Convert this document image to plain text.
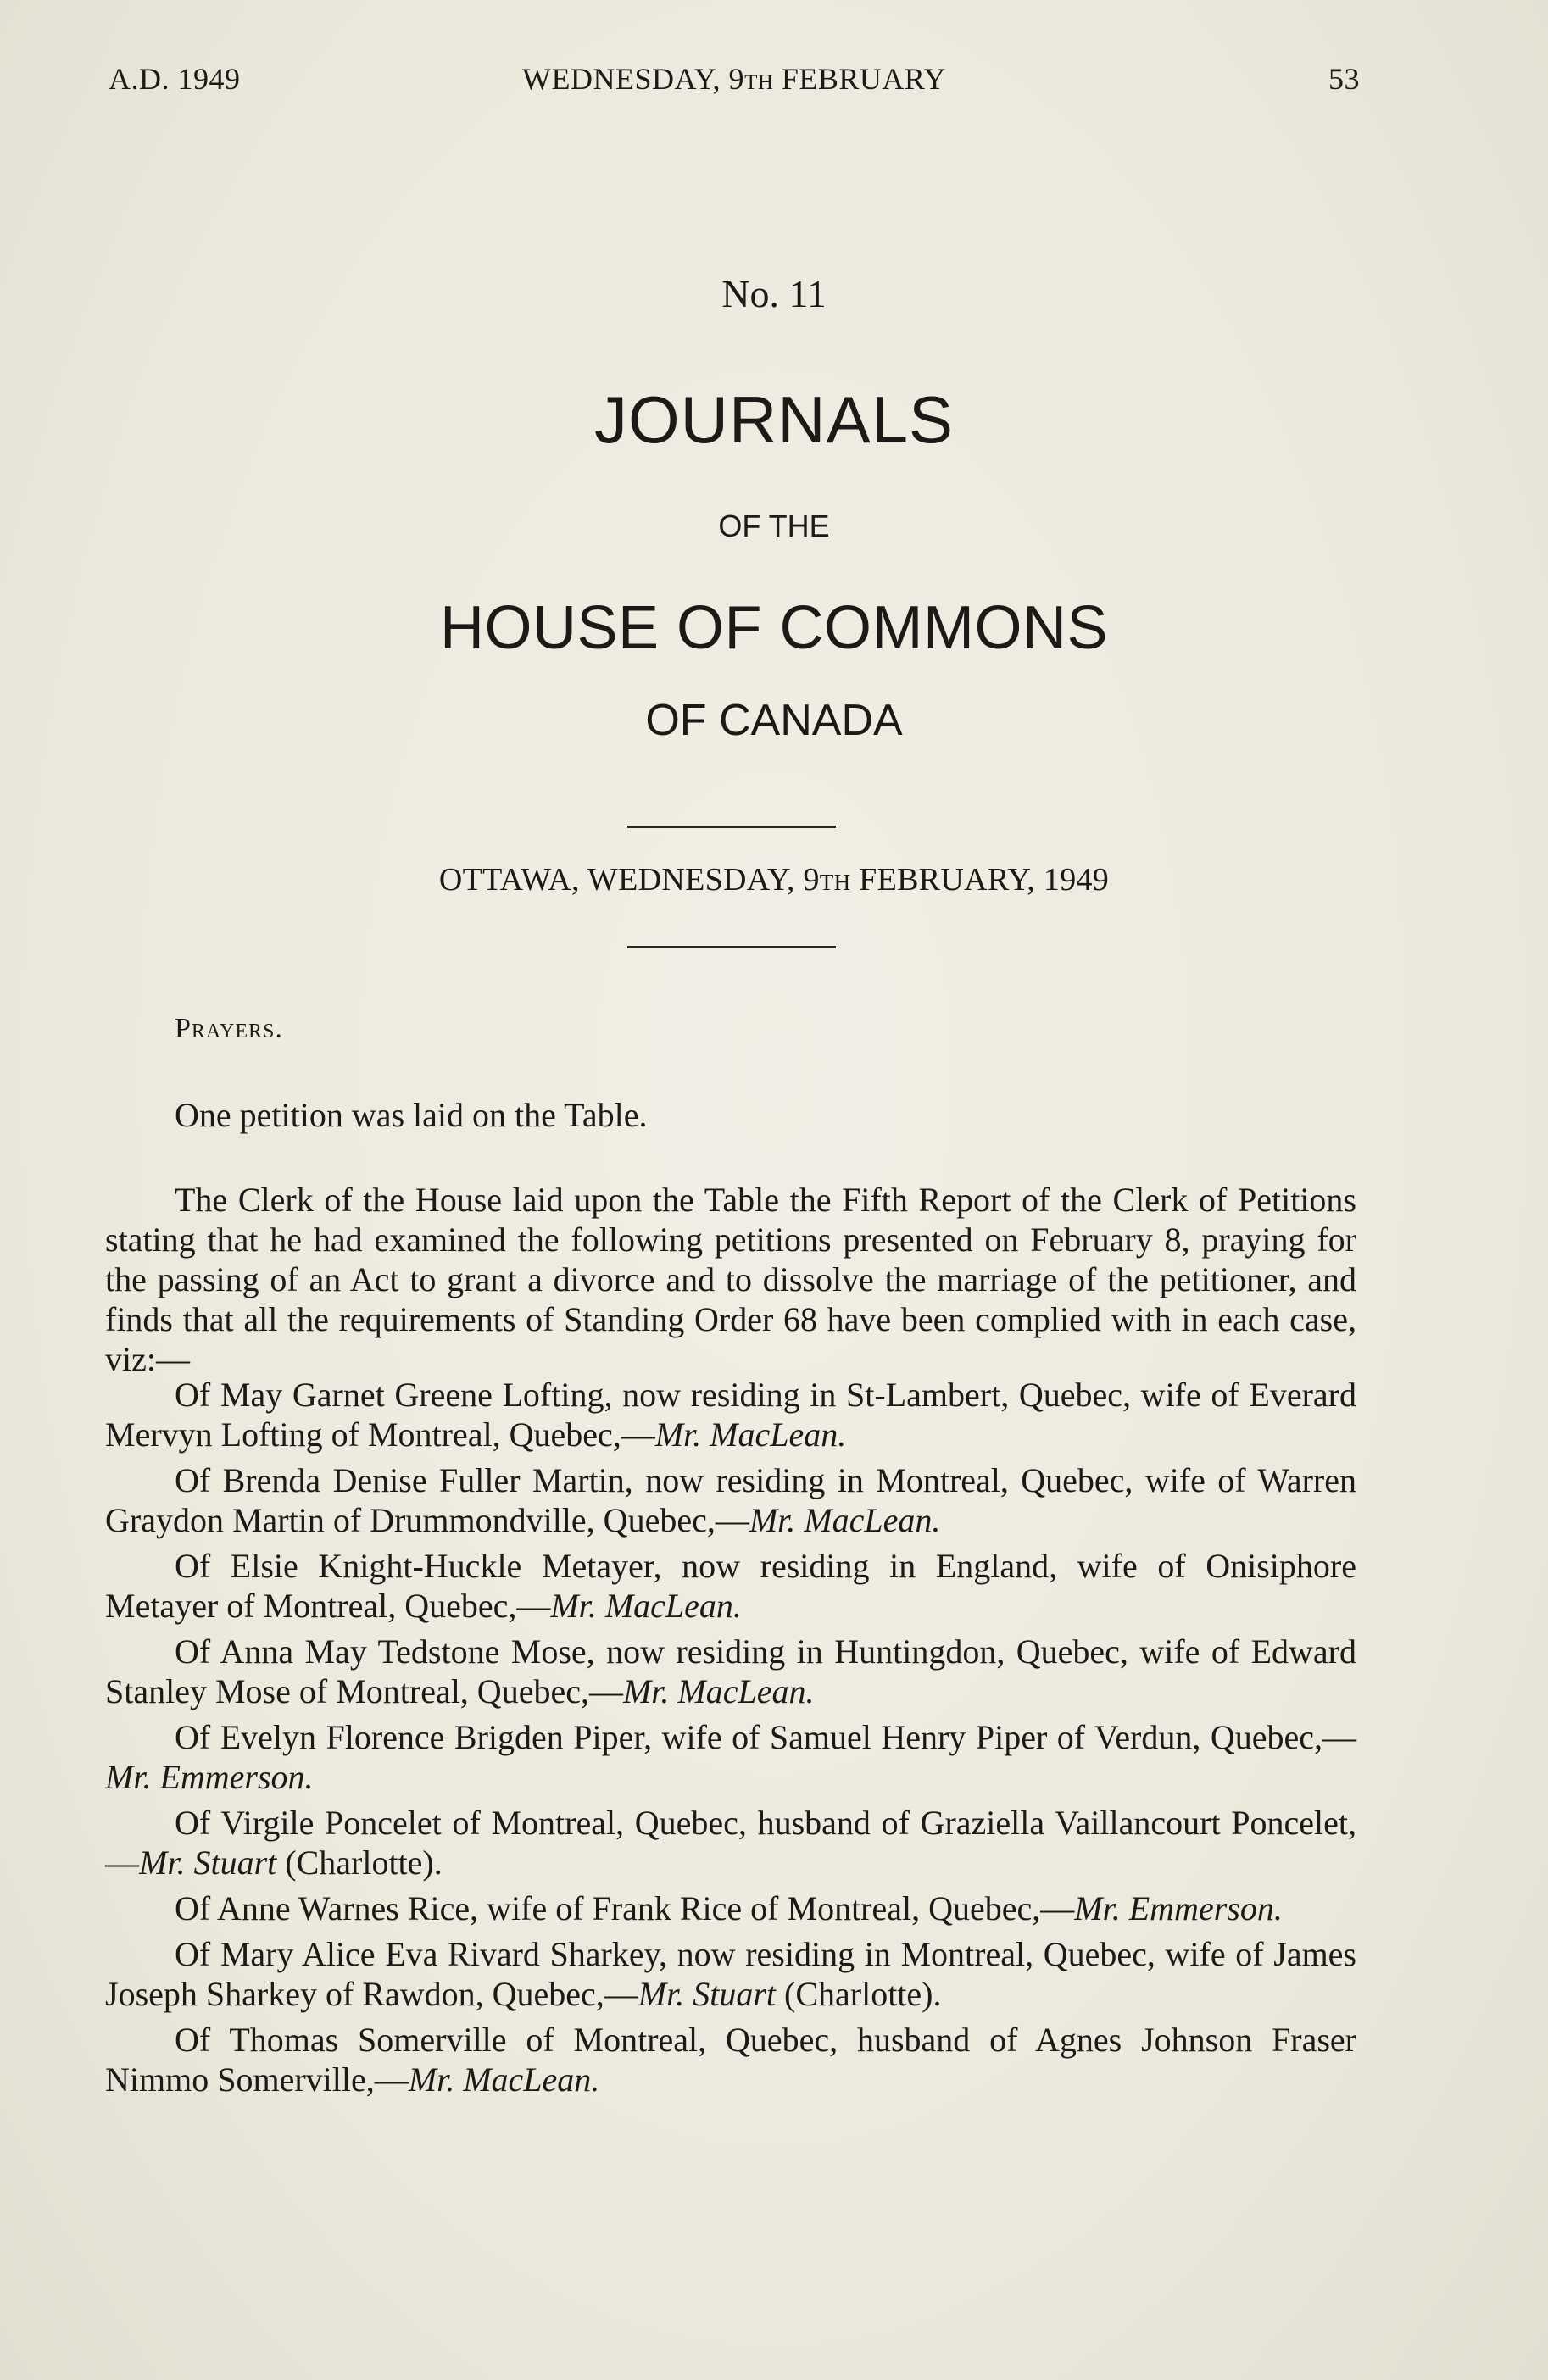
A.D. 1949	WEDNESDAY, 9th FEBRUARY	53
No. 11
JOURNALS
OF THE
HOUSE OF COMMONS
OF CANADA
OTTAWA, WEDNESDAY, 9th FEBRUARY, 1949
Prayers.
One petition was laid on the Table.
The Clerk of the House laid upon the Table the Fifth Report of the Clerk of Petitions stating that he had examined the following petitions presented on February 8, praying for the passing of an Act to grant a divorce and to dissolve the marriage of the petitioner, and finds that all the requirements of Standing Order 68 have been complied with in each case, viz:—

Of May Garnet Greene Lofting, now residing in St-Lambert, Quebec, wife of Everard Mervyn Lofting of Montreal, Quebec,—Mr. MacLean.

Of Brenda Denise Fuller Martin, now residing in Montreal, Quebec, wife of Warren Graydon Martin of Drummondville, Quebec,—Mr. MacLean.

Of Elsie Knight-Huckle Metayer, now residing in England, wife of Onisiphore Metayer of Montreal, Quebec,—Mr. MacLean.

Of Anna May Tedstone Mose, now residing in Huntingdon, Quebec, wife of Edward Stanley Mose of Montreal, Quebec,—Mr. MacLean.

Of Evelyn Florence Brigden Piper, wife of Samuel Henry Piper of Verdun, Quebec,—Mr. Emmerson.

Of Virgile Poncelet of Montreal, Quebec, husband of Graziella Vaillancourt Poncelet,—Mr. Stuart (Charlotte).

Of Anne Warnes Rice, wife of Frank Rice of Montreal, Quebec,—Mr. Emmerson.

Of Mary Alice Eva Rivard Sharkey, now residing in Montreal, Quebec, wife of James Joseph Sharkey of Rawdon, Quebec,—Mr. Stuart (Charlotte).

Of Thomas Somerville of Montreal, Quebec, husband of Agnes Johnson Fraser Nimmo Somerville,—Mr. MacLean.
